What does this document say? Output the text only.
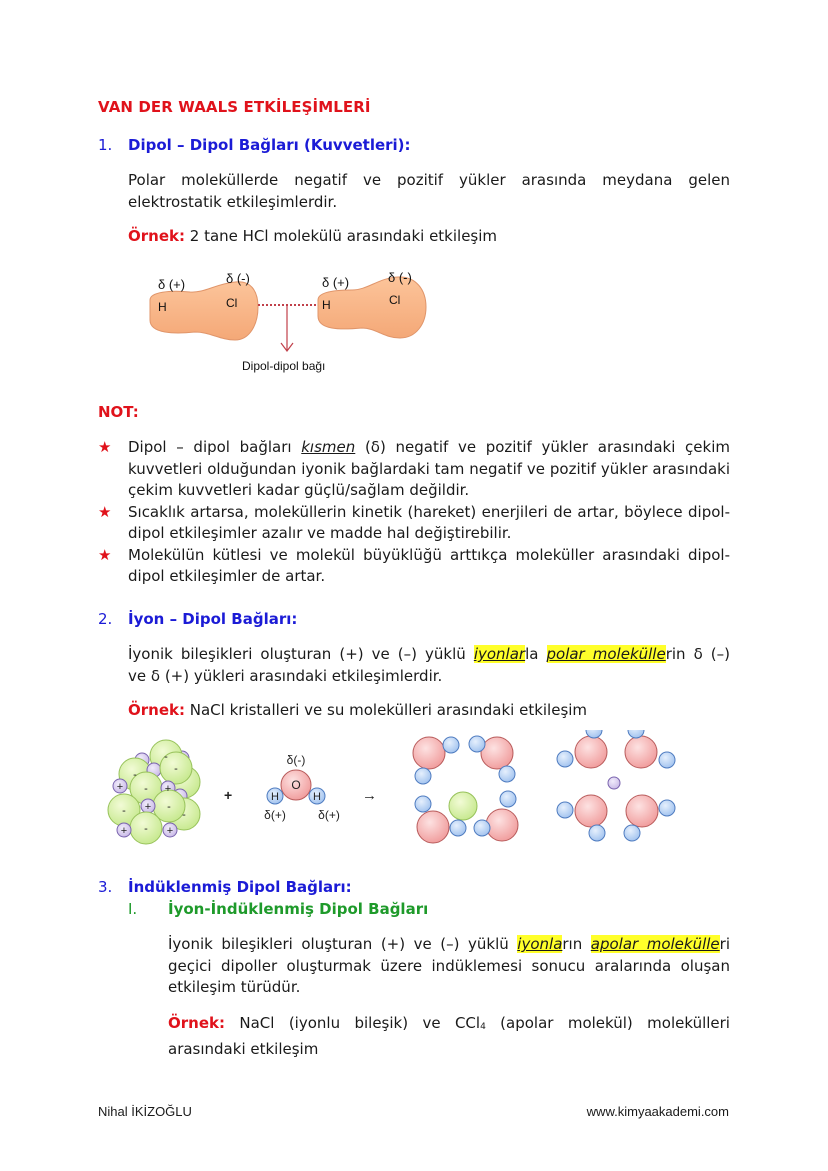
VAN DER WAALS ETKİLEŞİMLERİ
1. Dipol – Dipol Bağları (Kuvvetleri):
Polar moleküllerde negatif ve pozitif yükler arasında meydana gelen
elektrostatik etkileşimlerdir.
Örnek: 2 tane HCl molekülü arasındaki etkileşim
δ (+)	δ (-)
H	Cl
δ (+)	δ (-)
H	Cl
Dipol-dipol bağı
NOT:
★ Dipol – dipol bağları kısmen (δ) negatif ve pozitif yükler arasındaki çekim kuvvetleri olduğundan iyonik bağlardaki tam negatif ve pozitif yükler arasındaki çekim kuvvetleri kadar güçlü/sağlam değildir.
★ Sıcaklık artarsa, moleküllerin kinetik (hareket) enerjileri de artar, böylece dipol-dipol etkileşimler azalır ve madde hal değiştirebilir.
★ Molekülün kütlesi ve molekül büyüklüğü arttıkça moleküller arasındaki dipol-dipol etkileşimler de artar.
2. İyon – Dipol Bağları:
İyonik bileşikleri oluşturan (+) ve (–) yüklü iyonlarla polar moleküllerin δ (–)
ve δ (+) yükleri arasındaki etkileşimlerdir.
Örnek: NaCl kristalleri ve su molekülleri arasındaki etkileşim
-
-	-
-
-	-
-
-
+	+
+
+	+
+
O
H	H
δ(-)
δ(+)	δ(+)
→
3. İndüklenmiş Dipol Bağları:
I. İyon-İndüklenmiş Dipol Bağları
İyonik bileşikleri oluşturan (+) ve (–) yüklü iyonların apolar molekülleri
geçici dipoller oluşturmak üzere indüklemesi sonucu aralarında oluşan
etkileşim türüdür.
Örnek: NaCl (iyonlu bileşik) ve CCl$_4$ (apolar molekül) molekülleri
arasındaki etkileşim
Nihal İKİZOĞLU	www.kimyaakademi.com
